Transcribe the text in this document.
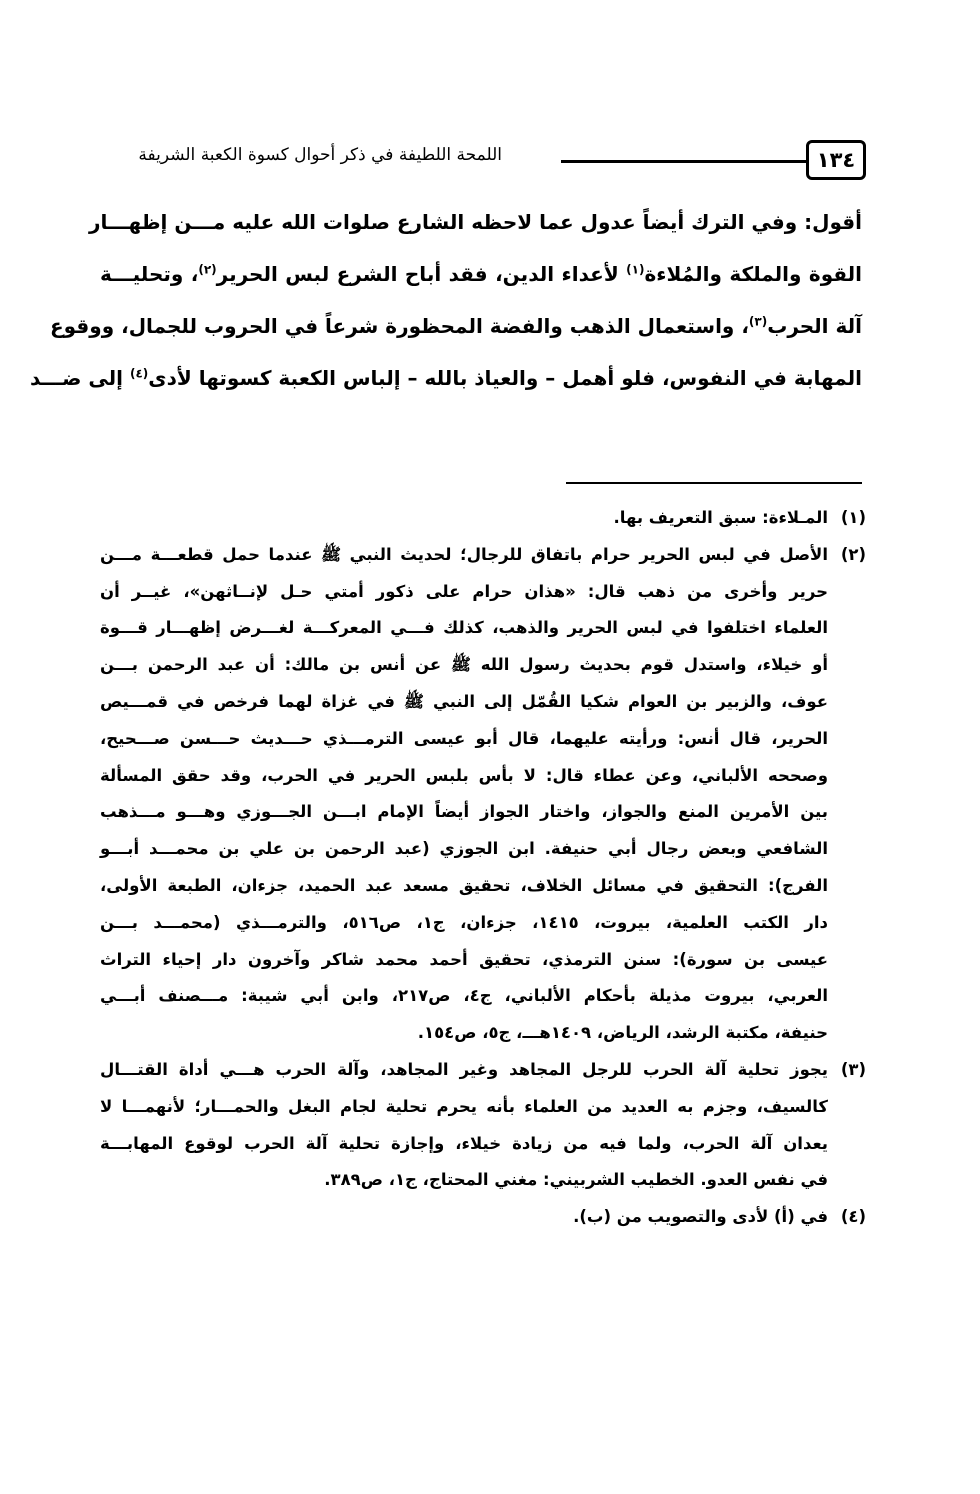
١٣٤
اللمحة اللطيفة في ذكر أحوال كسوة الكعبة الشريفة

أقول: وفي الترك أيضاً عدول عما لاحظه الشارع صلوات الله عليه مـــن إظهـــار

القوة والملكة والمُلاءة$^{(١)}$ لأعداء الدين، فقد أباح الشرع لبس الحرير$^{(٢)}$، وتحليـــة

آلة الحرب$^{(٣)}$، واستعمال الذهب والفضة المحظورة شرعاً في الحروب للجمال، ووقوع

المهابة في النفوس، فلو أهمل – والعياذ بالله – إلباس الكعبة كسوتها لأدى$^{(٤)}$ إلى ضـــد

(١)المـلاءة: سبق التعريف بها.
(٢)الأصل في لبس الحرير حرام باتفاق للرجال؛ لحديث النبي ﷺ عندما حمل قطعـــة مـــن
حرير وأخرى من ذهب قال: «هذان حرام على ذكور أمتي حـل لإنــاثهن»، غيــر أن
العلماء اختلفوا في لبس الحرير والذهب، كذلك فـــي المعركـــة لغـــرض إظهـــار قـــوة
أو خيلاء، واستدل قوم بحديث رسول الله ﷺ عن أنس بن مالك: أن عبد الرحمن بـــن
عوف، والزبير بن العوام شكيا القُمّل إلى النبي ﷺ في غزاة لهما فرخص في قمـــيص
الحرير، قال أنس: ورأيته عليهما، قال أبو عيسى الترمـــذي حـــديث حـــسن صـــحيح،
وصححه الألباني، وعن عطاء قال: لا بأس بلبس الحرير في الحرب، وقد حقق المسألة
بين الأمرين المنع والجواز، واختار الجواز أيضاً الإمام ابـــن الجـــوزي وهـــو مـــذهب
الشافعي وبعض رجال أبي حنيفة. ابن الجوزي (عبد الرحمن بن علي بن محمـــد أبـــو
الفرج): التحقيق في مسائل الخلاف، تحقيق مسعد عبد الحميد، جزءان، الطبعة الأولى،
دار الكتب العلمية، بيروت، ١٤١٥، جزءان، ج١، ص٥١٦، والترمـــذي (محمـــد بـــن
عيسى بن سورة): سنن الترمذي، تحقيق أحمد محمد شاكر وآخرون دار إحياء التراث
العربي، بيروت مذيلة بأحكام الألباني، ج٤، ص٢١٧، وابن أبي شيبة: مـــصنف أبـــي
حنيفة، مكتبة الرشد، الرياض، ١٤٠٩هـــ، ج٥، ص١٥٤.
(٣)يجوز تحلية آلة الحرب للرجل المجاهد وغير المجاهد، وآلة الحرب هـــي أداة القتـــال
كالسيف، وجزم به العديد من العلماء بأنه يحرم تحلية لجام البغل والحمـــار؛ لأنهمـــا لا
يعدان آلة الحرب، ولما فيه من زيادة خيلاء، وإجازة تحلية آلة الحرب لوقوع المهابـــة
في نفس العدو. الخطيب الشربيني: مغني المحتاج، ج١، ص٣٨٩.
(٤)في (أ) لأدى والتصويب من (ب).
